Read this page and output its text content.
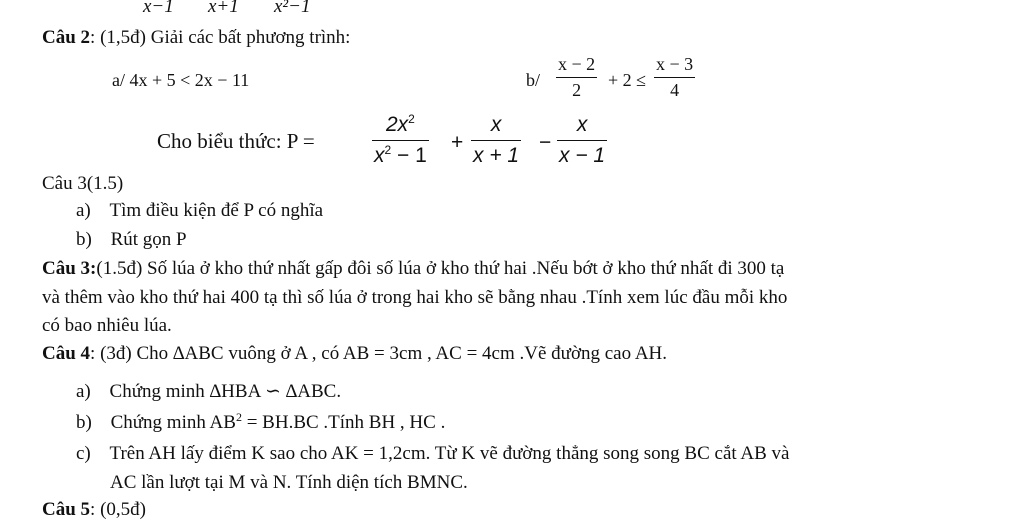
x−1 x+1 x²−1
Câu 2: (1,5đ) Giải các bất phương trình:
a/ 4x + 5 < 2x − 11	b/
x − 2
2	+ 2 ≤
x − 3
4
Cho biểu thức: P =
$2x^2$
$x^2 - 1$
+
x
x + 1
−
x
x − 1
Câu 3(1.5)
a) Tìm điều kiện để P có nghĩa
b) Rút gọn P
Câu 3:(1.5đ) Số lúa ở kho thứ nhất gấp đôi số lúa ở kho thứ hai .Nếu bớt ở kho thứ nhất đi 300 tạ
và thêm vào kho thứ hai 400 tạ thì số lúa ở trong hai kho sẽ bằng nhau .Tính xem lúc đầu mỗi kho
có bao nhiêu lúa.
Câu 4: (3đ) Cho ∆ABC vuông ở A , có AB = 3cm , AC = 4cm .Vẽ đường cao AH.
a) Chứng minh ∆HBA ∽ ∆ABC.
b) Chứng minh $AB^2 = BH.BC$ .Tính BH , HC .
c) Trên AH lấy điểm K sao cho AK = 1,2cm. Từ K vẽ đường thẳng song song BC cắt AB và
AC lần lượt tại M và N. Tính diện tích BMNC.
Câu 5: (0,5đ)
